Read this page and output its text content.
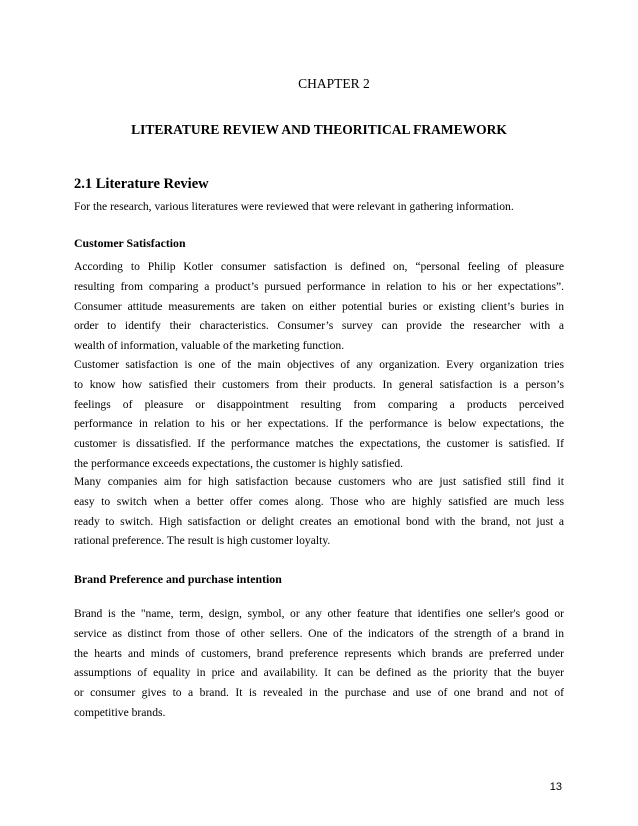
CHAPTER 2
LITERATURE REVIEW AND THEORITICAL FRAMEWORK
2.1 Literature Review
For the research, various literatures were reviewed that were relevant in gathering information.
Customer Satisfaction
According to Philip Kotler consumer satisfaction is defined on, “personal feeling of pleasure
resulting from comparing a product’s pursued performance in relation to his or her expectations”.
Consumer attitude measurements are taken on either potential buries or existing client’s buries in
order to identify their characteristics. Consumer’s survey can provide the researcher with a
wealth of information, valuable of the marketing function.
Customer satisfaction is one of the main objectives of any organization. Every organization tries
to know how satisfied their customers from their products. In general satisfaction is a person’s
feelings of pleasure or disappointment resulting from comparing a products perceived
performance in relation to his or her expectations. If the performance is below expectations, the
customer is dissatisfied. If the performance matches the expectations, the customer is satisfied. If
the performance exceeds expectations, the customer is highly satisfied.
Many companies aim for high satisfaction because customers who are just satisfied still find it
easy to switch when a better offer comes along. Those who are highly satisfied are much less
ready to switch. High satisfaction or delight creates an emotional bond with the brand, not just a
rational preference. The result is high customer loyalty.
Brand Preference and purchase intention
Brand is the "name, term, design, symbol, or any other feature that identifies one seller's good or
service as distinct from those of other sellers. One of the indicators of the strength of a brand in
the hearts and minds of customers, brand preference represents which brands are preferred under
assumptions of equality in price and availability. It can be defined as the priority that the buyer
or consumer gives to a brand. It is revealed in the purchase and use of one brand and not of
competitive brands.
13
